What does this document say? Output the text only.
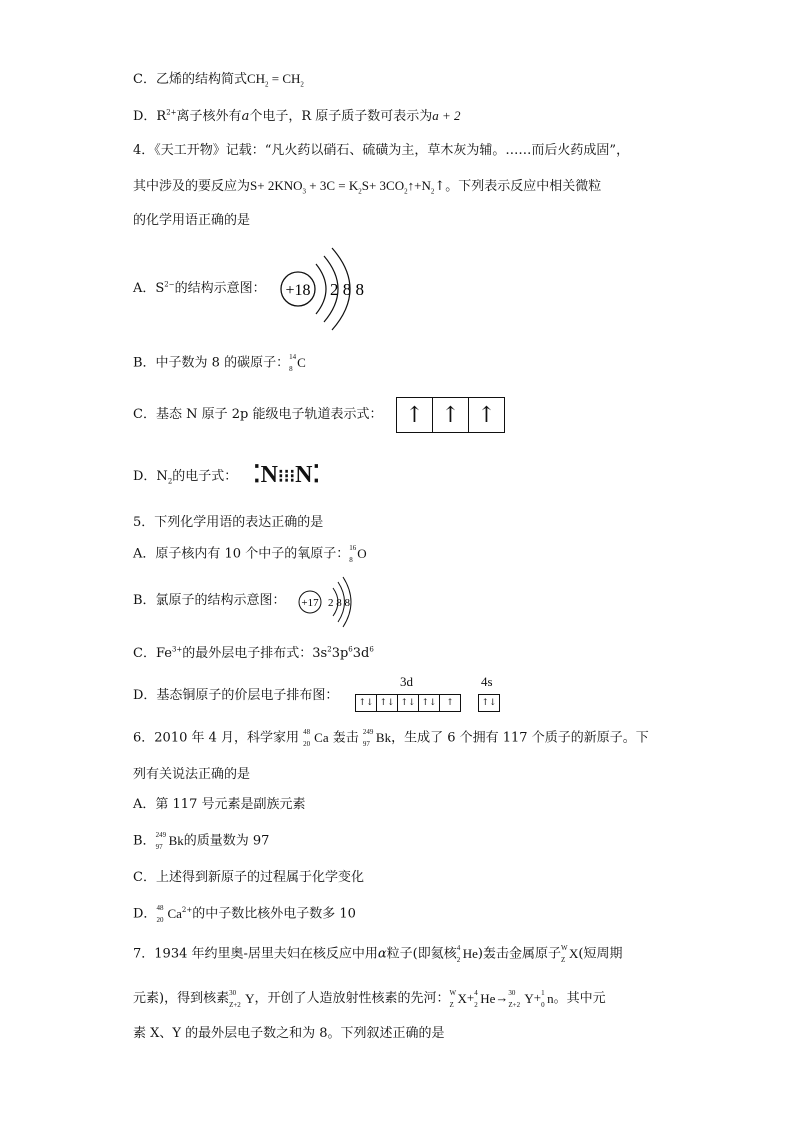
C．乙烯的结构简式$CH_2 = CH_2$
D．$R^{2+}$离子核外有a个电子，R 原子质子数可表示为a + 2
4．《天工开物》记载：“凡火药以硝石、硫磺为主，草木灰为辅。……而后火药成固”，
其中涉及的要反应为$S+ 2KNO_3 + 3C = K_2S+$ $3CO_2↑+N_2↑$。下列表示反应中相关微粒
的化学用语正确的是
A．$S^{2-}$的结构示意图： +18 2 8 8
B．中子数为 8 的碳原子： 14
8 C
C．基态 N 原子 2p 能级电子轨道表示式：	↑ ↑ ↑
D．$N_2$的电子式： ⁚N⁝⁝⁝N⁚
5．下列化学用语的表达正确的是
A．原子核内有 10 个中子的氧原子： 16
8 O
B．氯原子的结构示意图： +17 2 8 8
C．$Fe^{3+}$的最外层电子排布式：$3s^23p^63d^6$
D．基态铜原子的价层电子排布图：
3d	4s
↑↓ ↑↓ ↑↓ ↑↓	↑	↑↓
6．2010 年 4 月，科学家用 48
20 Ca 轰击 249
97 Bk，生成了 6 个拥有 117 个质子的新原子。下
列有关说法正确的是
A．第 117 号元素是副族元素
B． 249
97 Bk的质量数为 97
C．上述得到新原子的过程属于化学变化
D． 48
20 $Ca^{2+}$的中子数比核外电子数多 10
7．1934 年约里奥-居里夫妇在核反应中用α粒子(即氦核 4
2 He)轰击金属原子 W
Z X(短周期
元素)，得到核素 30
Z+2 Y，开创了人造放射性核素的先河： W
Z X+ 4
2 He→ 30
Z+2 Y+ 1
0 n。其中元
素 X、Y 的最外层电子数之和为 8。下列叙述正确的是
